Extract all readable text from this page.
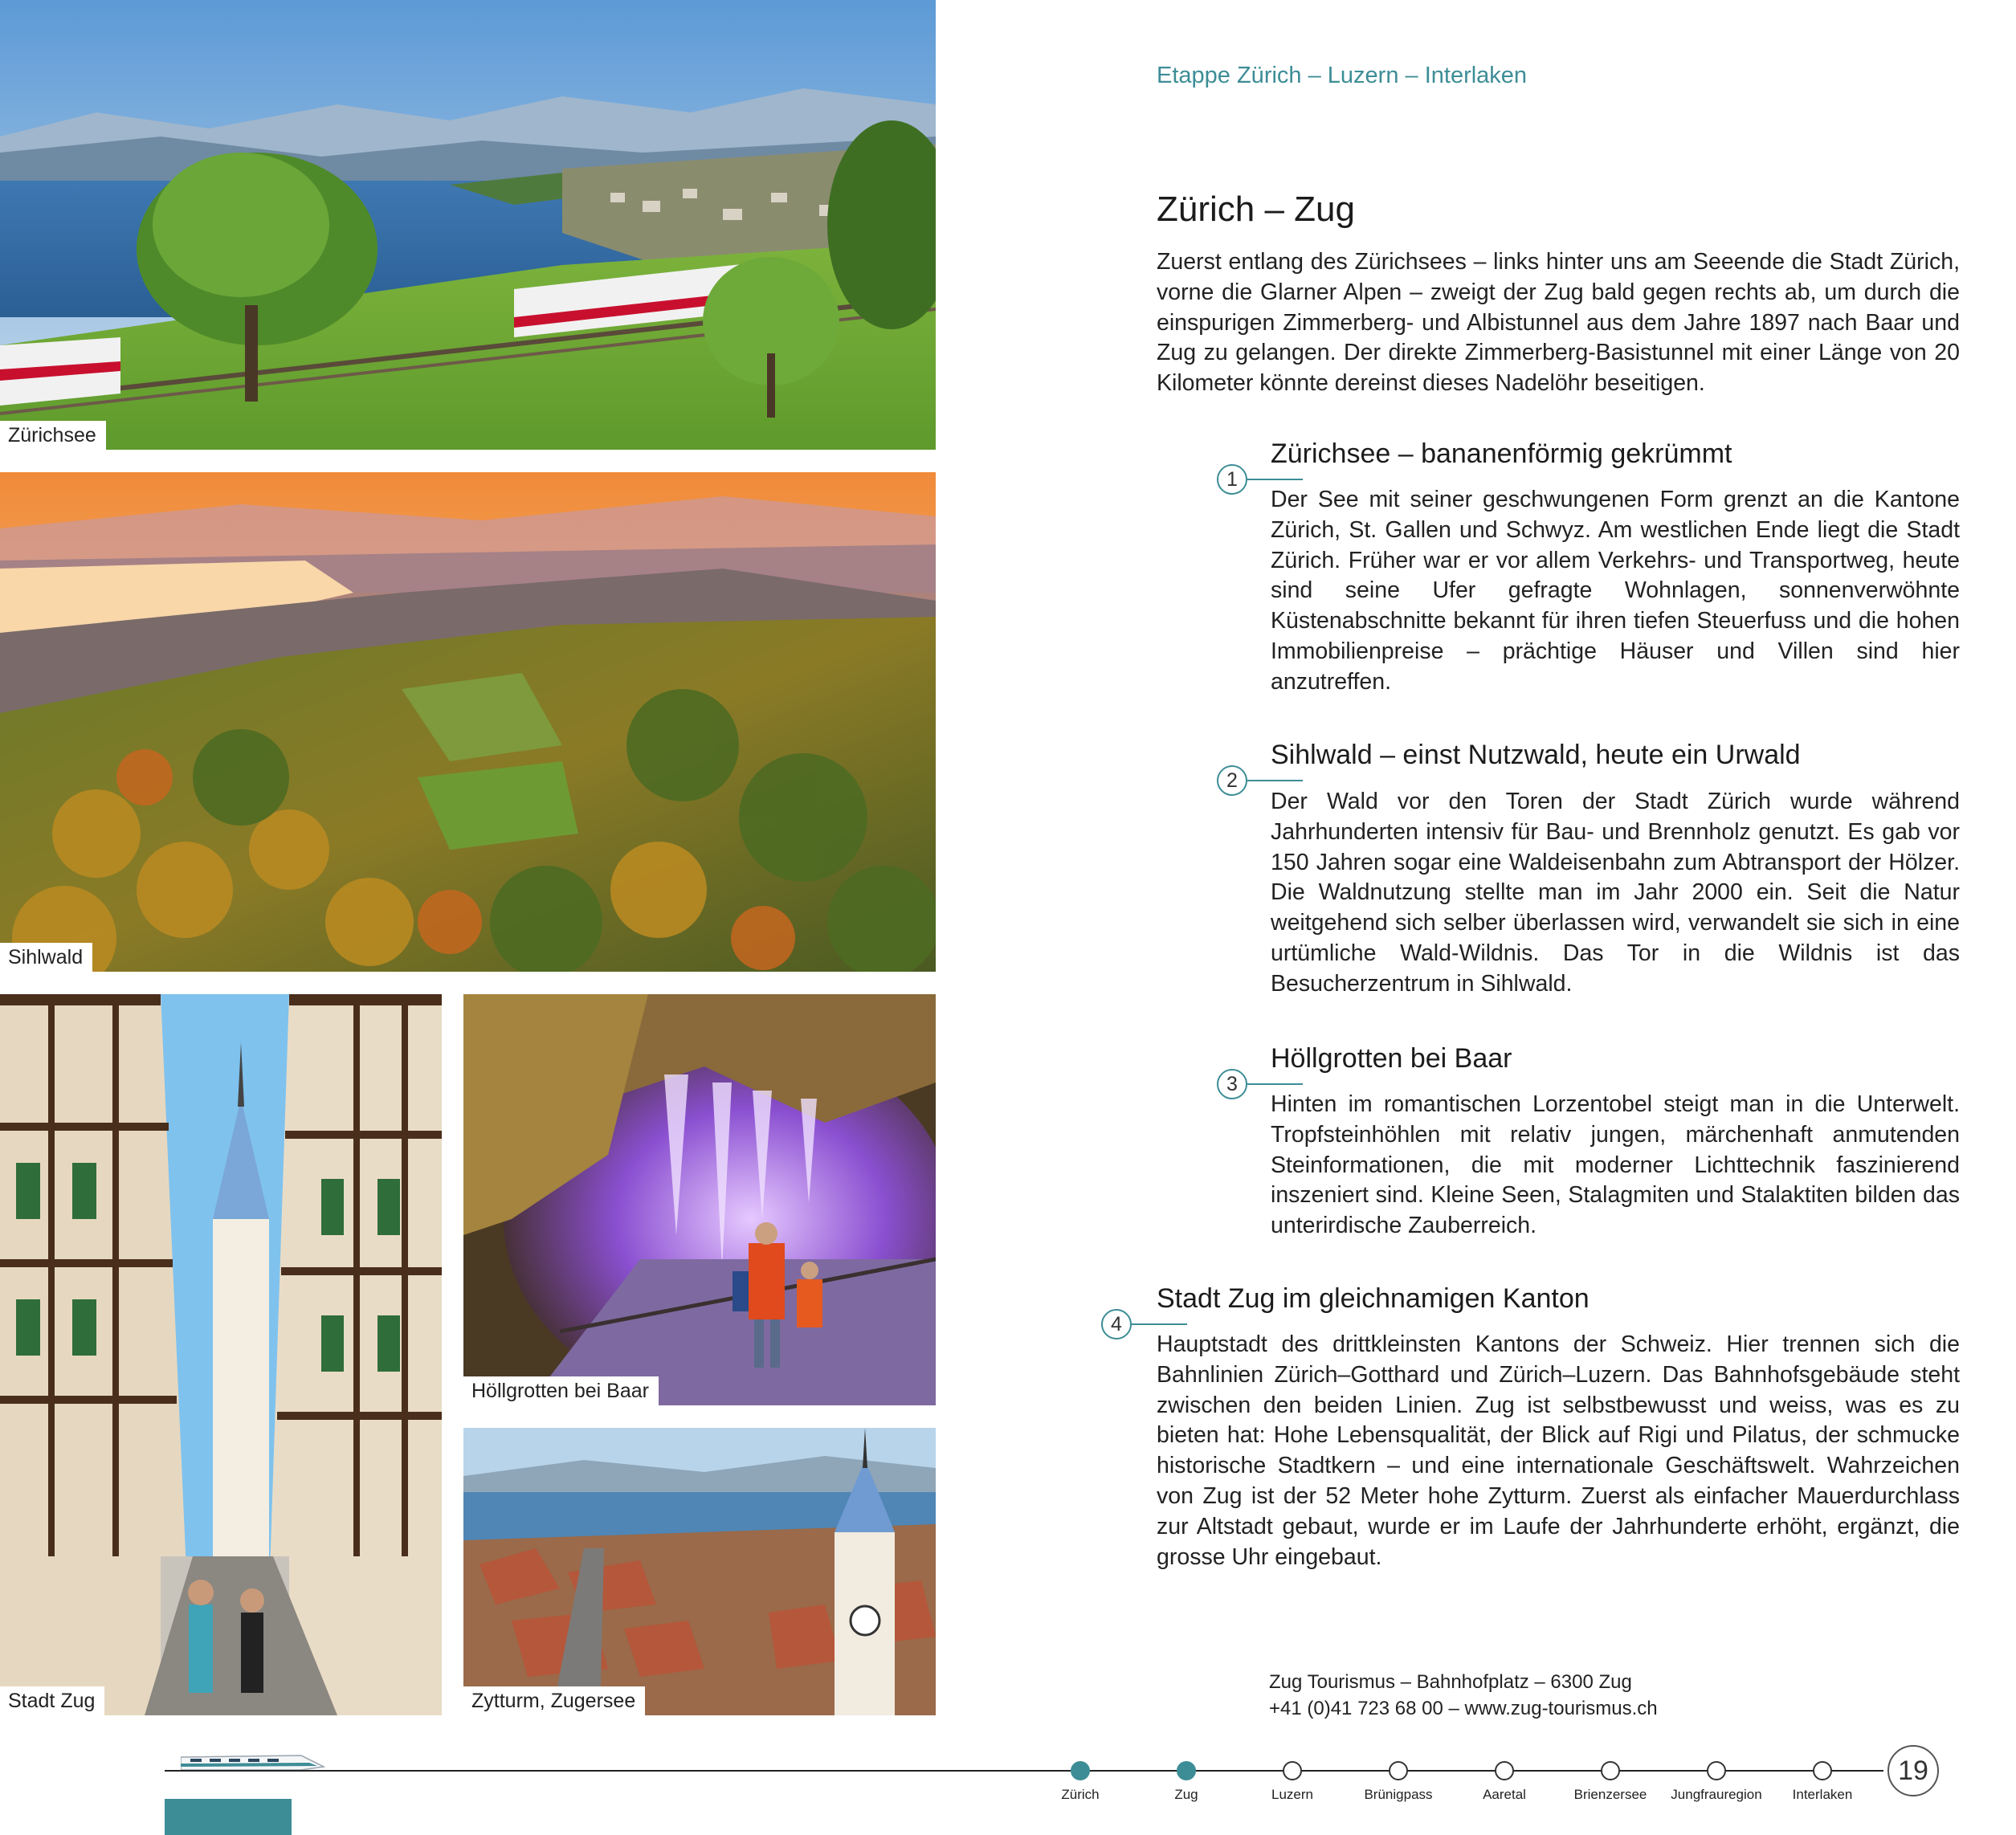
Zürichsee
Sihlwald
Stadt Zug
Höllgrotten bei Baar
Zytturm, Zugersee
Etappe Zürich – Luzern – Interlaken
Zürich – Zug

Zuerst entlang des Zürichsees – links hinter uns am Seeende die Stadt Zürich, vorne die Glarner Alpen – zweigt der Zug bald gegen rechts ab, um durch die einspurigen Zimmerberg- und Albistunnel aus dem Jahre 1897 nach Baar und Zug zu gelangen. Der direkte Zimmerberg-Basistunnel mit einer Länge von 20 Kilometer könnte dereinst dieses Nadelöhr beseitigen.

1
Zürichsee – bananenförmig gekrümmt

Der See mit seiner geschwungenen Form grenzt an die Kantone Zürich, St. Gallen und Schwyz. Am westlichen Ende liegt die Stadt Zürich. Früher war er vor allem Verkehrs- und Transportweg, heute sind seine Ufer gefragte Wohnlagen, sonnenverwöhnte Küstenabschnitte bekannt für ihren tiefen Steuerfuss und die hohen Immobilienpreise – prächtige Häuser und Villen sind hier anzutreffen.

2
Sihlwald – einst Nutzwald, heute ein Urwald

Der Wald vor den Toren der Stadt Zürich wurde während Jahrhunderten intensiv für Bau- und Brennholz genutzt. Es gab vor 150 Jahren sogar eine Waldeisenbahn zum Abtransport der Hölzer. Die Waldnutzung stellte man im Jahr 2000 ein. Seit die Natur weitgehend sich selber überlassen wird, verwandelt sie sich in eine urtümliche Wald-Wildnis. Das Tor in die Wildnis ist das Besucherzentrum in Sihlwald.

3
Höllgrotten bei Baar

Hinten im romantischen Lorzentobel steigt man in die Unterwelt. Tropfsteinhöhlen mit relativ jungen, märchenhaft anmutenden Steinformationen, die mit moderner Lichttechnik faszinierend inszeniert sind. Kleine Seen, Stalagmiten und Stalaktiten bilden das unterirdische Zauberreich.

4
Stadt Zug im gleichnamigen Kanton

Hauptstadt des drittkleinsten Kantons der Schweiz. Hier trennen sich die Bahnlinien Zürich–Gotthard und Zürich–Luzern. Das Bahnhofsgebäude steht zwischen den beiden Linien. Zug ist selbstbewusst und weiss, was es zu bieten hat: Hohe Lebensqualität, der Blick auf Rigi und Pilatus, der schmucke historische Stadtkern – und eine internationale Geschäftswelt. Wahrzeichen von Zug ist der 52 Meter hohe Zytturm. Zuerst als einfacher Mauerdurchlass zur Altstadt gebaut, wurde er im Laufe der Jahrhunderte erhöht, ergänzt, die grosse Uhr eingebaut.

Zug Tourismus – Bahnhofplatz – 6300 Zug
+41 (0)41 723 68 00 – www.zug-tourismus.ch
Zürich	Zug	Luzern	Brünigpass	Aaretal	Brienzersee	Jungfrauregion	Interlaken
19
